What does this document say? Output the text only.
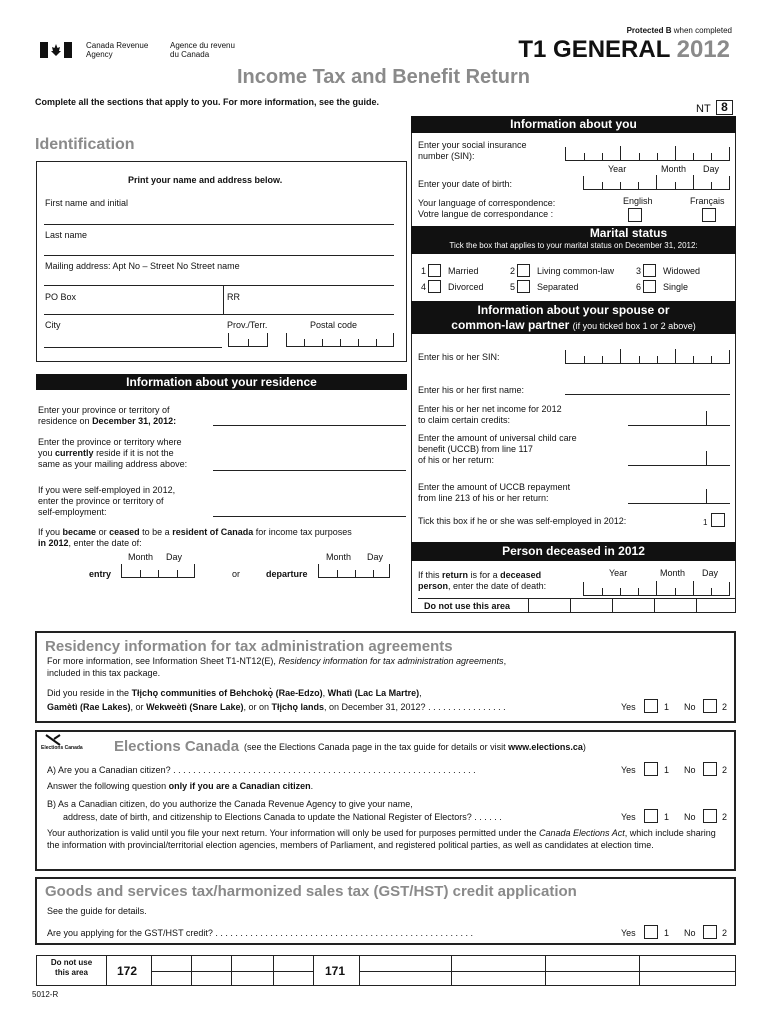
Protected B when completed
Canada Revenue
Agency
Agence du revenu
du Canada	T1 GENERAL 2012
Income Tax and Benefit Return
Complete all the sections that apply to you. For more information, see the guide.
NT 8
Identification
Print your name and address below.
First name and initial
Last name
Mailing address: Apt No – Street No Street name
PO Box	RR
City	Prov./Terr.	Postal code
Information about your residence
Enter your province or territory of
residence on December 31, 2012:
Enter the province or territory where
you currently reside if it is not the
same as your mailing address above:
If you were self-employed in 2012,
enter the province or territory of
self-employment:
If you became or ceased to be a resident of Canada for income tax purposes
in 2012, enter the date of:
Month Day
entry	or
Month Day
departure
Information about you
Enter your social insurance
number (SIN):
Year	Month Day
Enter your date of birth:
Your language of correspondence:
Votre langue de correspondance :
English	Français
Marital status
Tick the box that applies to your marital status on December 31, 2012:
1 Married	2 Living common-law 3 Widowed
4 Divorced	5 Separated	6 Single
Information about your spouse or
common-law partner (if you ticked box 1 or 2 above)
Enter his or her SIN:
Enter his or her first name:
Enter his or her net income for 2012
to claim certain credits:
Enter the amount of universal child care
benefit (UCCB) from line 117
of his or her return:
Enter the amount of UCCB repayment
from line 213 of his or her return:
Tick this box if he or she was self-employed in 2012:	1
Person deceased in 2012
If this return is for a deceased
person, enter the date of death:
Year	Month Day
Do not use this area
Residency information for tax administration agreements
For more information, see Information Sheet T1-NT12(E), Residency information for tax administration agreements,
included in this tax package.
Did you reside in the Tłįchǫ communities of Behchokǫ̀ (Rae-Edzo), Whatì (Lac La Martre),
Gamètì (Rae Lakes), or Wekweètì (Snare Lake), or on Tłįchǫ lands, on December 31, 2012? . . . . . . . . . . . . . . . .	Yes	1 No	2
Elections Canada Elections Canada (see the Elections Canada page in the tax guide for details or visit www.elections.ca)
A) Are you a Canadian citizen? . . . . . . . . . . . . . . . . . . . . . . . . . . . . . . . . . . . . . . . . . . . . . . . . . . . . . . . . . . . . .	Yes	1 No	2
Answer the following question only if you are a Canadian citizen.
B) As a Canadian citizen, do you authorize the Canada Revenue Agency to give your name,
address, date of birth, and citizenship to Elections Canada to update the National Register of Electors? . . . . . .	Yes	1 No	2
Your authorization is valid until you file your next return. Your information will only be used for purposes permitted under the Canada Elections Act, which include sharing the information with provincial/territorial election agencies, members of Parliament, and registered political parties, as well as candidates at election time.
Goods and services tax/harmonized sales tax (GST/HST) credit application
See the guide for details.
Are you applying for the GST/HST credit? . . . . . . . . . . . . . . . . . . . . . . . . . . . . . . . . . . . . . . . . . . . . . . . . . . . .	Yes	1 No	2
Do not use
this area	172	171
5012-R
